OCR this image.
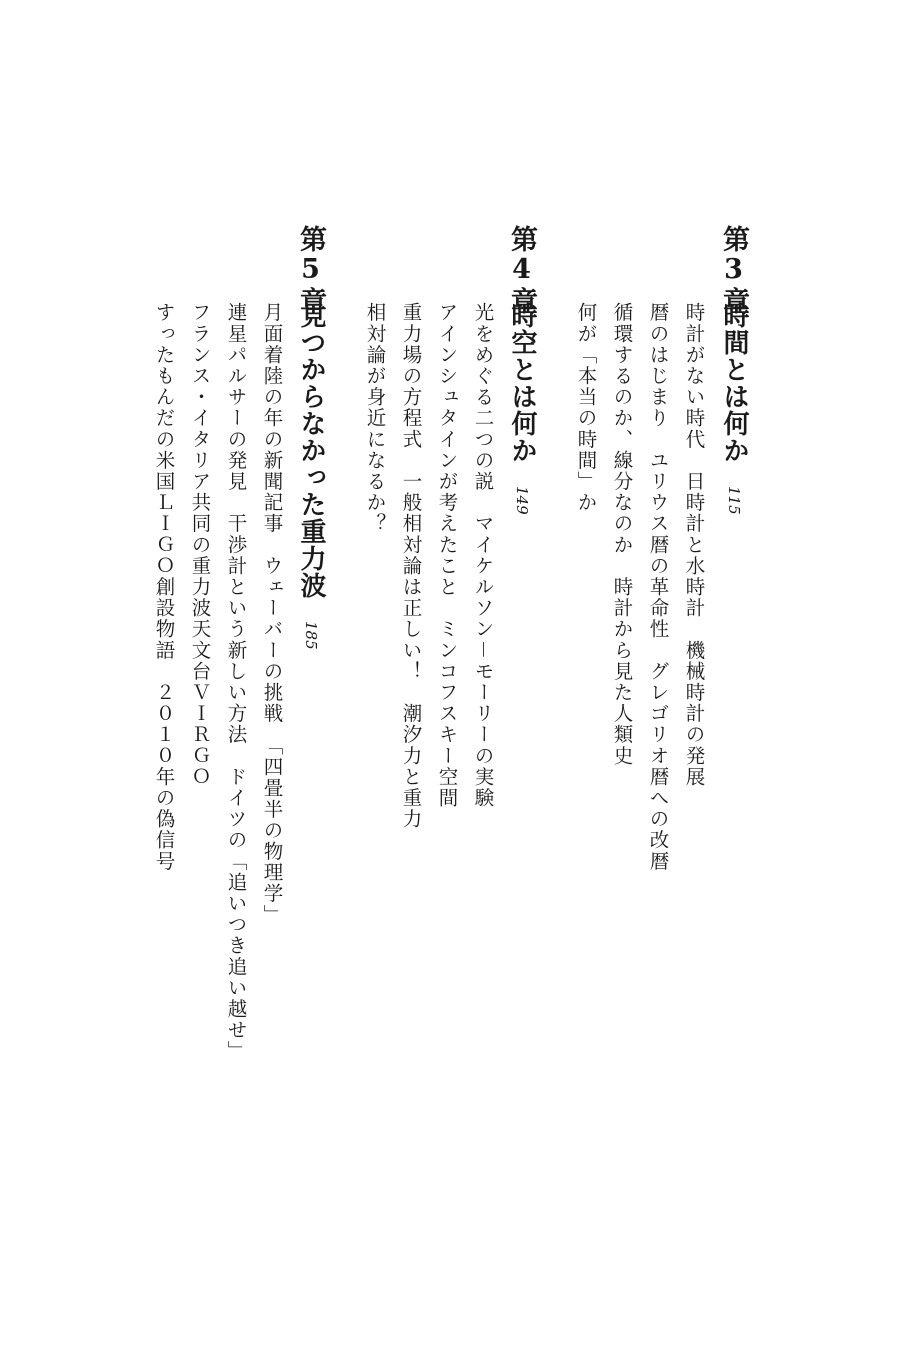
第3章
時間とは何か115
時計がない時代　日時計と水時計　機械時計の発展
暦のはじまり　ユリウス暦の革命性　グレゴリオ暦への改暦
循環するのか、線分なのか　時計から見た人類史
何が「本当の時間」か
第4章
時空とは何か149
光をめぐる二つの説　マイケルソン－モーリーの実験
アインシュタインが考えたこと　ミンコフスキー空間
重力場の方程式　一般相対論は正しい！　潮汐力と重力
相対論が身近になるか？
第5章
見つからなかった重力波185
月面着陸の年の新聞記事　ウェーバーの挑戦　「四畳半の物理学」
連星パルサーの発見　干渉計という新しい方法　ドイツの「追いつき追い越せ」
フランス・イタリア共同の重力波天文台ＶＩＲＧＯ
すったもんだの米国ＬＩＧＯ創設物語　２０１０年の偽信号
